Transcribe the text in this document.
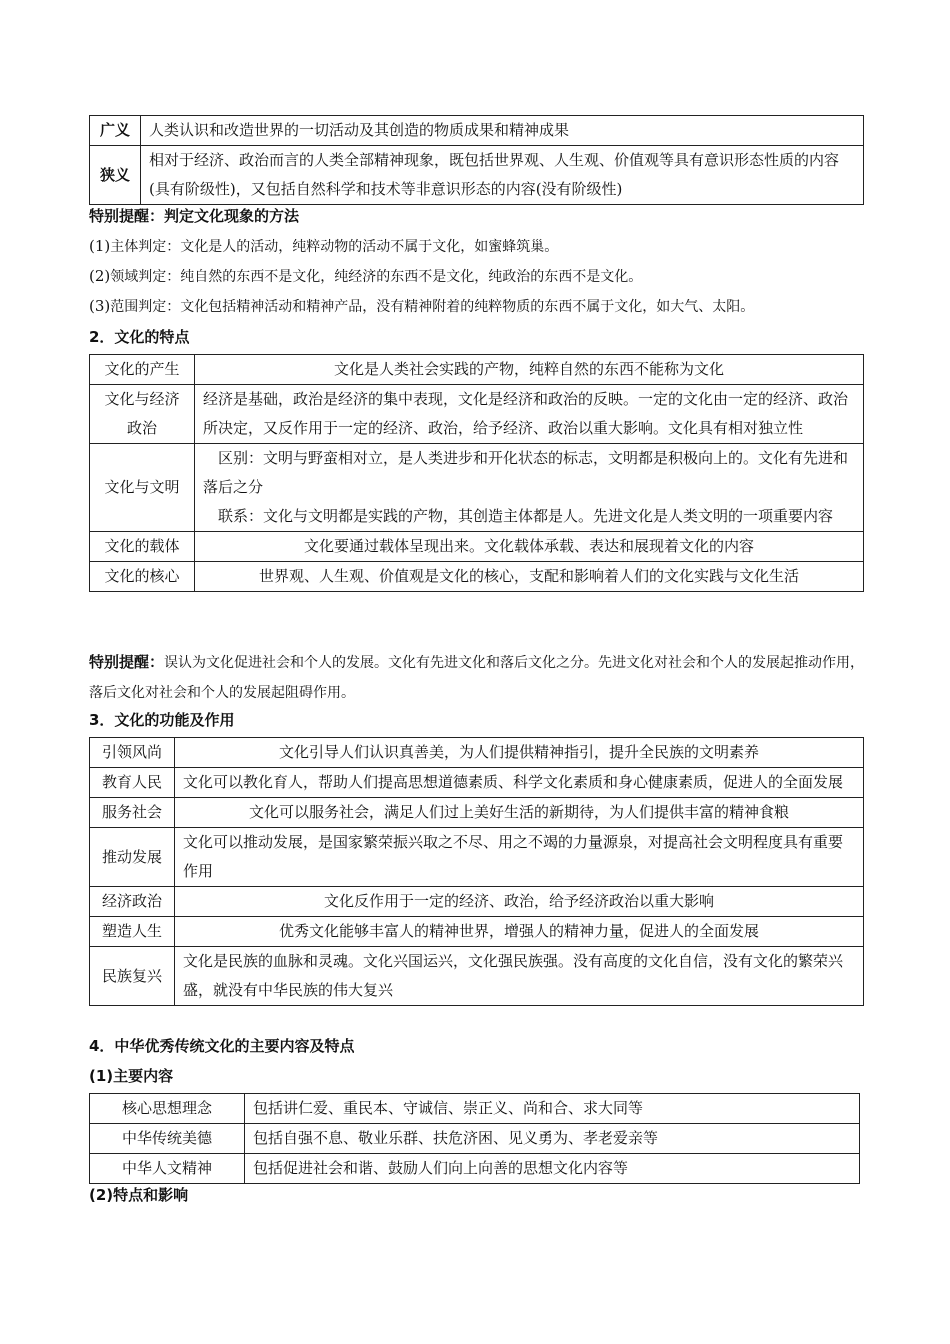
广义	人类认识和改造世界的一切活动及其创造的物质成果和精神成果
狭义	相对于经济、政治而言的人类全部精神现象，既包括世界观、人生观、价值观等具有意识形态性质的内容(具有阶级性)，又包括自然科学和技术等非意识形态的内容(没有阶级性)
特别提醒：判定文化现象的方法
(1)主体判定：文化是人的活动，纯粹动物的活动不属于文化，如蜜蜂筑巢。
(2)领域判定：纯自然的东西不是文化，纯经济的东西不是文化，纯政治的东西不是文化。
(3)范围判定：文化包括精神活动和精神产品，没有精神附着的纯粹物质的东西不属于文化，如大气、太阳。
2．文化的特点
文化的产生	文化是人类社会实践的产物，纯粹自然的东西不能称为文化
文化与经济政治	经济是基础，政治是经济的集中表现，文化是经济和政治的反映。一定的文化由一定的经济、政治所决定，又反作用于一定的经济、政治，给予经济、政治以重大影响。文化具有相对独立性
文化与文明	区别：文明与野蛮相对立，是人类进步和开化状态的标志，文明都是积极向上的。文化有先进和落后之分
联系：文化与文明都是实践的产物，其创造主体都是人。先进文化是人类文明的一项重要内容

文化的载体	文化要通过载体呈现出来。文化载体承载、表达和展现着文化的内容
文化的核心	世界观、人生观、价值观是文化的核心，支配和影响着人们的文化实践与文化生活
特别提醒：误认为文化促进社会和个人的发展。文化有先进文化和落后文化之分。先进文化对社会和个人的发展起推动作用，落后文化对社会和个人的发展起阻碍作用。
3．文化的功能及作用
引领风尚	文化引导人们认识真善美，为人们提供精神指引，提升全民族的文明素养
教育人民	文化可以教化育人，帮助人们提高思想道德素质、科学文化素质和身心健康素质，促进人的全面发展
服务社会	文化可以服务社会，满足人们过上美好生活的新期待，为人们提供丰富的精神食粮
推动发展	文化可以推动发展，是国家繁荣振兴取之不尽、用之不竭的力量源泉，对提高社会文明程度具有重要作用
经济政治	文化反作用于一定的经济、政治，给予经济政治以重大影响
塑造人生	优秀文化能够丰富人的精神世界，增强人的精神力量，促进人的全面发展
民族复兴	文化是民族的血脉和灵魂。文化兴国运兴，文化强民族强。没有高度的文化自信，没有文化的繁荣兴盛，就没有中华民族的伟大复兴
4．中华优秀传统文化的主要内容及特点
(1)主要内容
核心思想理念	包括讲仁爱、重民本、守诚信、崇正义、尚和合、求大同等
中华传统美德	包括自强不息、敬业乐群、扶危济困、见义勇为、孝老爱亲等
中华人文精神	包括促进社会和谐、鼓励人们向上向善的思想文化内容等
(2)特点和影响
